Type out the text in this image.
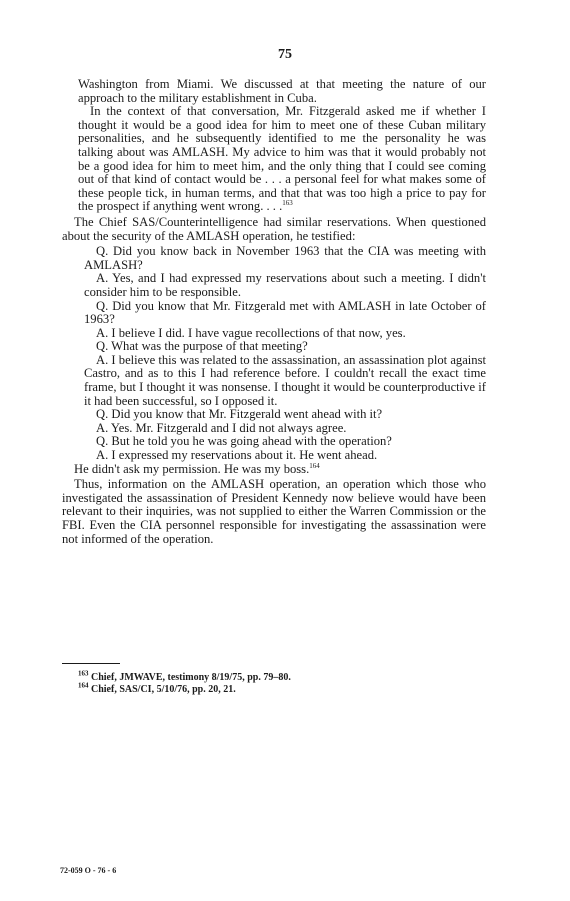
75

Washington from Miami. We discussed at that meeting the nature of our approach to the military establishment in Cuba.

In the context of that conversation, Mr. Fitzgerald asked me if whether I thought it would be a good idea for him to meet one of these Cuban military personalities, and he subsequently identified to me the personality he was talking about was AMLASH. My advice to him was that it would probably not be a good idea for him to meet him, and the only thing that I could see coming out of that kind of contact would be . . . a personal feel for what makes some of these people tick, in human terms, and that that was too high a price to pay for the prospect if anything went wrong. . . .$^{163}$

The Chief SAS/Counterintelligence had similar reservations. When questioned about the security of the AMLASH operation, he testified:

Q. Did you know back in November 1963 that the CIA was meeting with AMLASH?

A. Yes, and I had expressed my reservations about such a meeting. I didn't consider him to be responsible.

Q. Did you know that Mr. Fitzgerald met with AMLASH in late October of 1963?

A. I believe I did. I have vague recollections of that now, yes.

Q. What was the purpose of that meeting?

A. I believe this was related to the assassination, an assassination plot against Castro, and as to this I had reference before. I couldn't recall the exact time frame, but I thought it was nonsense. I thought it would be counterproductive if it had been successful, so I opposed it.

Q. Did you know that Mr. Fitzgerald went ahead with it?

A. Yes. Mr. Fitzgerald and I did not always agree.

Q. But he told you he was going ahead with the operation?

A. I expressed my reservations about it. He went ahead.

He didn't ask my permission. He was my boss.$^{164}$

Thus, information on the AMLASH operation, an operation which those who investigated the assassination of President Kennedy now believe would have been relevant to their inquiries, was not supplied to either the Warren Commission or the FBI. Even the CIA personnel responsible for investigating the assassination were not informed of the operation.

$^{163}$ Chief, JMWAVE, testimony 8/19/75, pp. 79–80.
$^{164}$ Chief, SAS/CI, 5/10/76, pp. 20, 21.
72-059 O - 76 - 6
